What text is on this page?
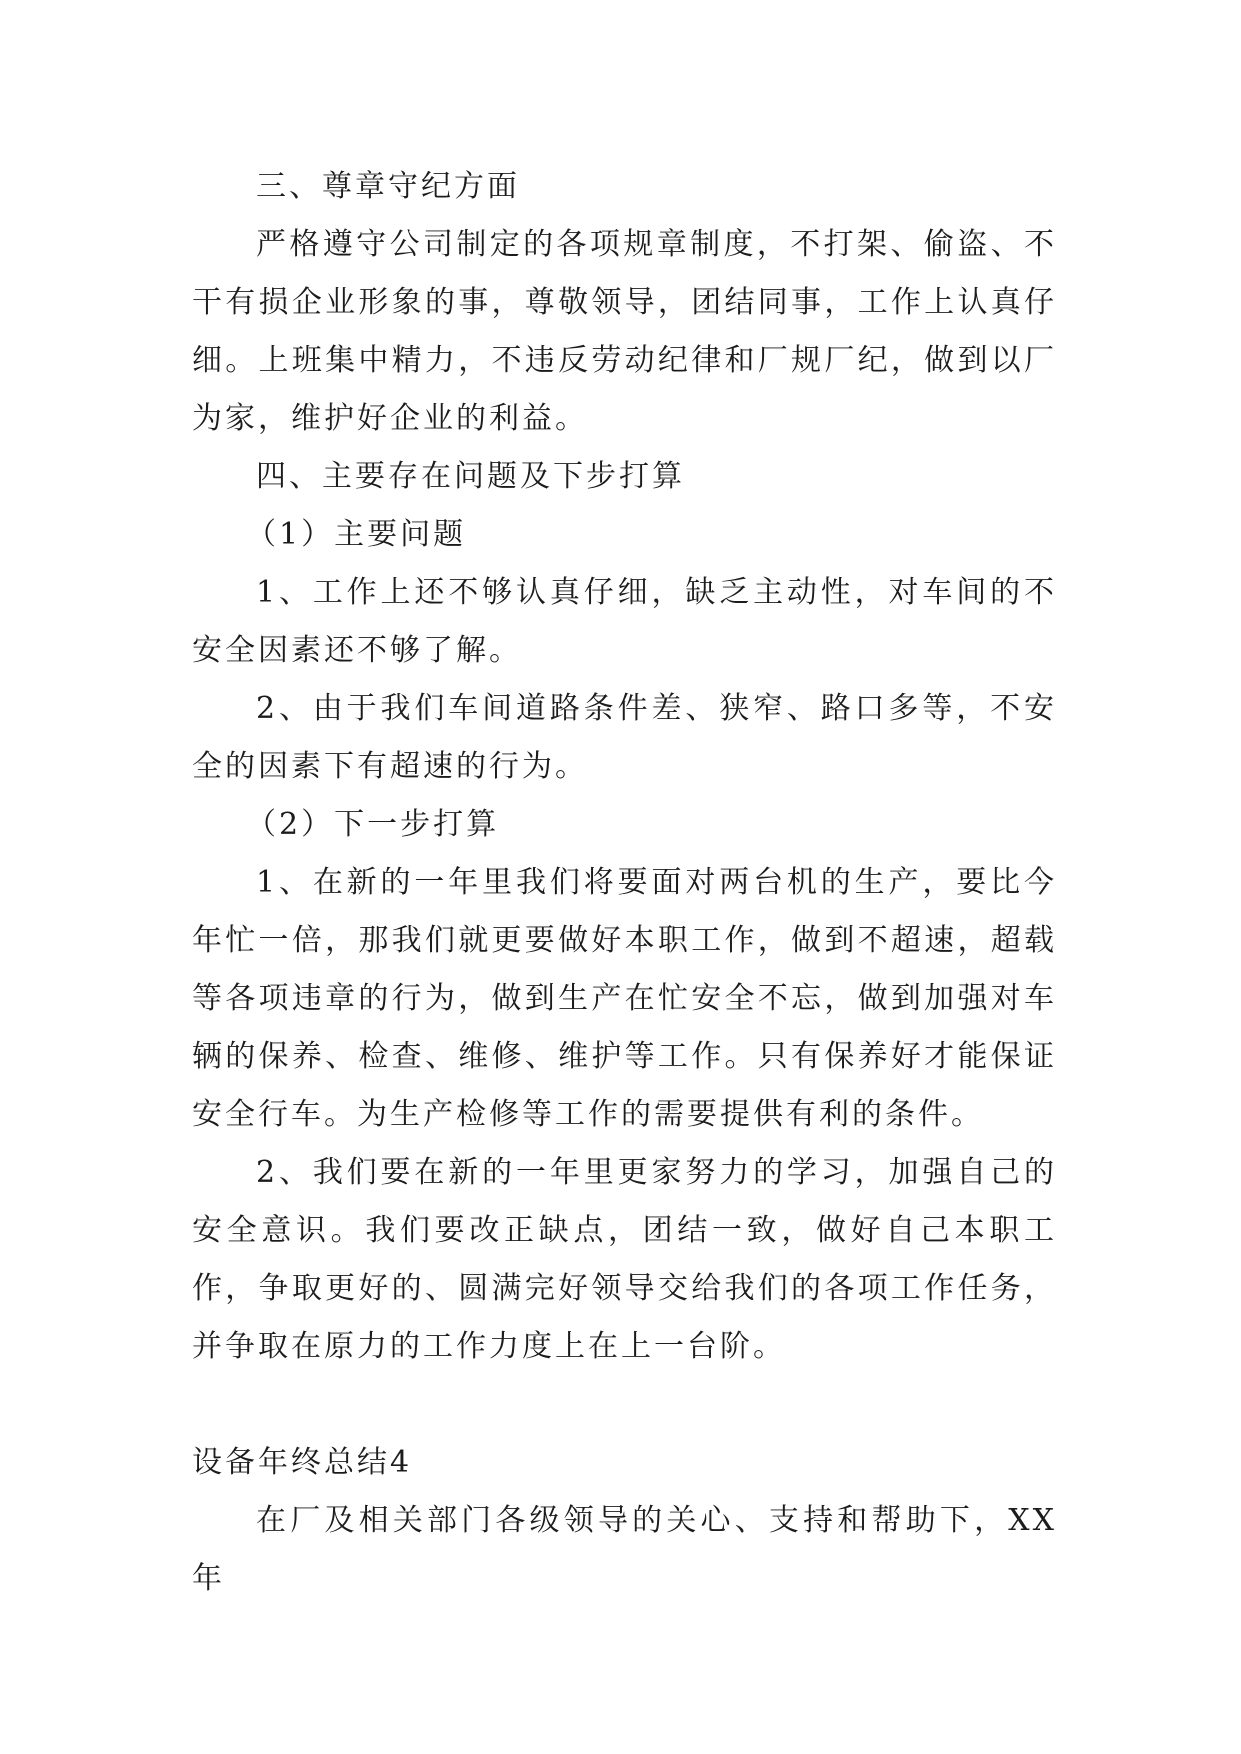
三、尊章守纪方面

严格遵守公司制定的各项规章制度，不打架、偷盗、不干有损企业形象的事，尊敬领导，团结同事，工作上认真仔细。上班集中精力，不违反劳动纪律和厂规厂纪，做到以厂为家，维护好企业的利益。

四、主要存在问题及下步打算

（1）主要问题

1、工作上还不够认真仔细，缺乏主动性，对车间的不安全因素还不够了解。

2、由于我们车间道路条件差、狭窄、路口多等，不安全的因素下有超速的行为。

（2）下一步打算

1、在新的一年里我们将要面对两台机的生产，要比今年忙一倍，那我们就更要做好本职工作，做到不超速，超载等各项违章的行为，做到生产在忙安全不忘，做到加强对车辆的保养、检查、维修、维护等工作。只有保养好才能保证安全行车。为生产检修等工作的需要提供有利的条件。

2、我们要在新的一年里更家努力的学习，加强自己的安全意识。我们要改正缺点，团结一致，做好自己本职工作，争取更好的、圆满完好领导交给我们的各项工作任务，并争取在原力的工作力度上在上一台阶。

设备年终总结4

在厂及相关部门各级领导的关心、支持和帮助下，XX年
